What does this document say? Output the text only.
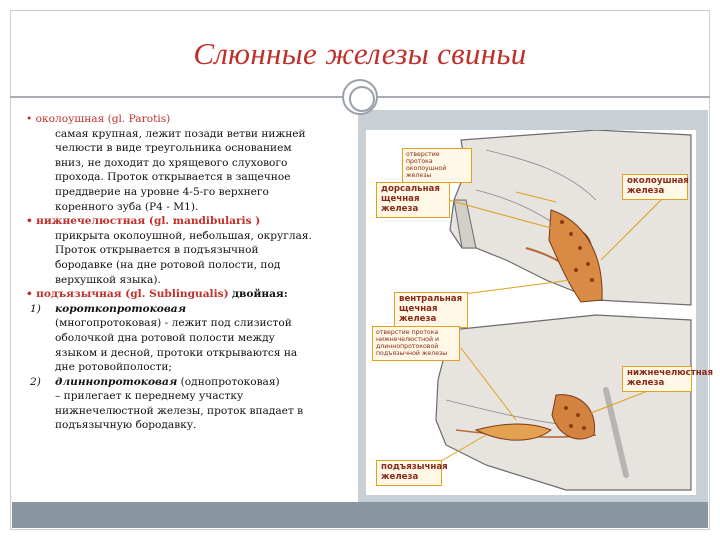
Слюнные железы свиньи

• околоушная (gl. Parotis)

самая крупная, лежит позади ветви нижней

челюсти в виде треугольника основанием

вниз, не доходит до хрящевого слухового

прохода. Проток открывается в защечное

преддверие на уровне 4-5-го верхнего

коренного зуба (P4 - M1).

• нижнечелюстная (gl. mandibularis )

прикрыта околоушной, небольшая, округлая.

Проток открывается в подъязычной

бородавке (на дне ротовой полости, под

верхушкой языка).

• подъязычная (gl. Sublingualis) двойная:

1) короткопротоковая

(многопротоковая) - лежит под слизистой

оболочкой дна ротовой полости между

языком и десной, протоки открываются на

дне ротовойполости;

2) длиннопротоковая (однопротоковая)

– прилегает к переднему участку

нижнечелюстной железы, проток впадает в

подъязычную бородавку.

отверстие протока околоушной железы
дорсальная щечная железа
околоушная железа
вентральная щечная железа
отверстие протока нижнечелюстной и длиннопротоковой подъязычной железы
нижнечелюстная железа
подъязычная железа
